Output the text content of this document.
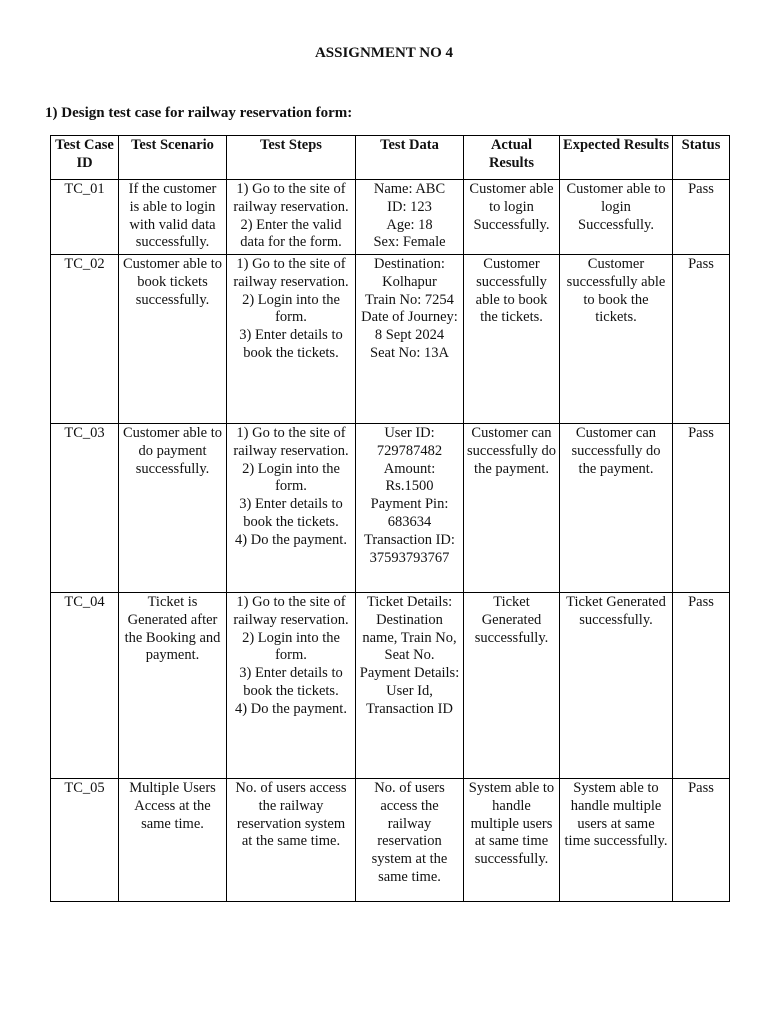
ASSIGNMENT NO 4
1) Design test case for railway reservation form:
Test Case ID	Test Scenario	Test Steps	Test Data	Actual Results	Expected Results	Status
TC_01	If the customer is able to login with valid data successfully.	1) Go to the site of railway reservation.
2) Enter the valid data for the form.	Name: ABC
ID: 123
Age: 18
Sex: Female	Customer able to login Successfully.	Customer able to login Successfully.	Pass
TC_02	Customer able to book tickets successfully.	1) Go to the site of railway reservation.
2) Login into the form.
3) Enter details to book the tickets.	Destination: Kolhapur
Train No: 7254
Date of Journey: 8 Sept 2024
Seat No: 13A	Customer successfully able to book the tickets.	Customer successfully able to book the tickets.	Pass
TC_03	Customer able to do payment successfully.	1) Go to the site of railway reservation.
2) Login into the form.
3) Enter details to book the tickets.
4) Do the payment.	User ID: 729787482
Amount: Rs.1500
Payment Pin: 683634
Transaction ID: 37593793767	Customer can successfully do the payment.	Customer can successfully do the payment.	Pass
TC_04	Ticket is Generated after the Booking and payment.	1) Go to the site of railway reservation.
2) Login into the form.
3) Enter details to book the tickets.
4) Do the payment.	Ticket Details: Destination name, Train No, Seat No.
Payment Details: User Id, Transaction ID	Ticket Generated successfully.	Ticket Generated successfully.	Pass
TC_05	Multiple Users Access at the same time.	No. of users access the railway reservation system at the same time.	No. of users access the railway reservation system at the same time.	System able to handle multiple users at same time successfully.	System able to handle multiple users at same time successfully.	Pass
